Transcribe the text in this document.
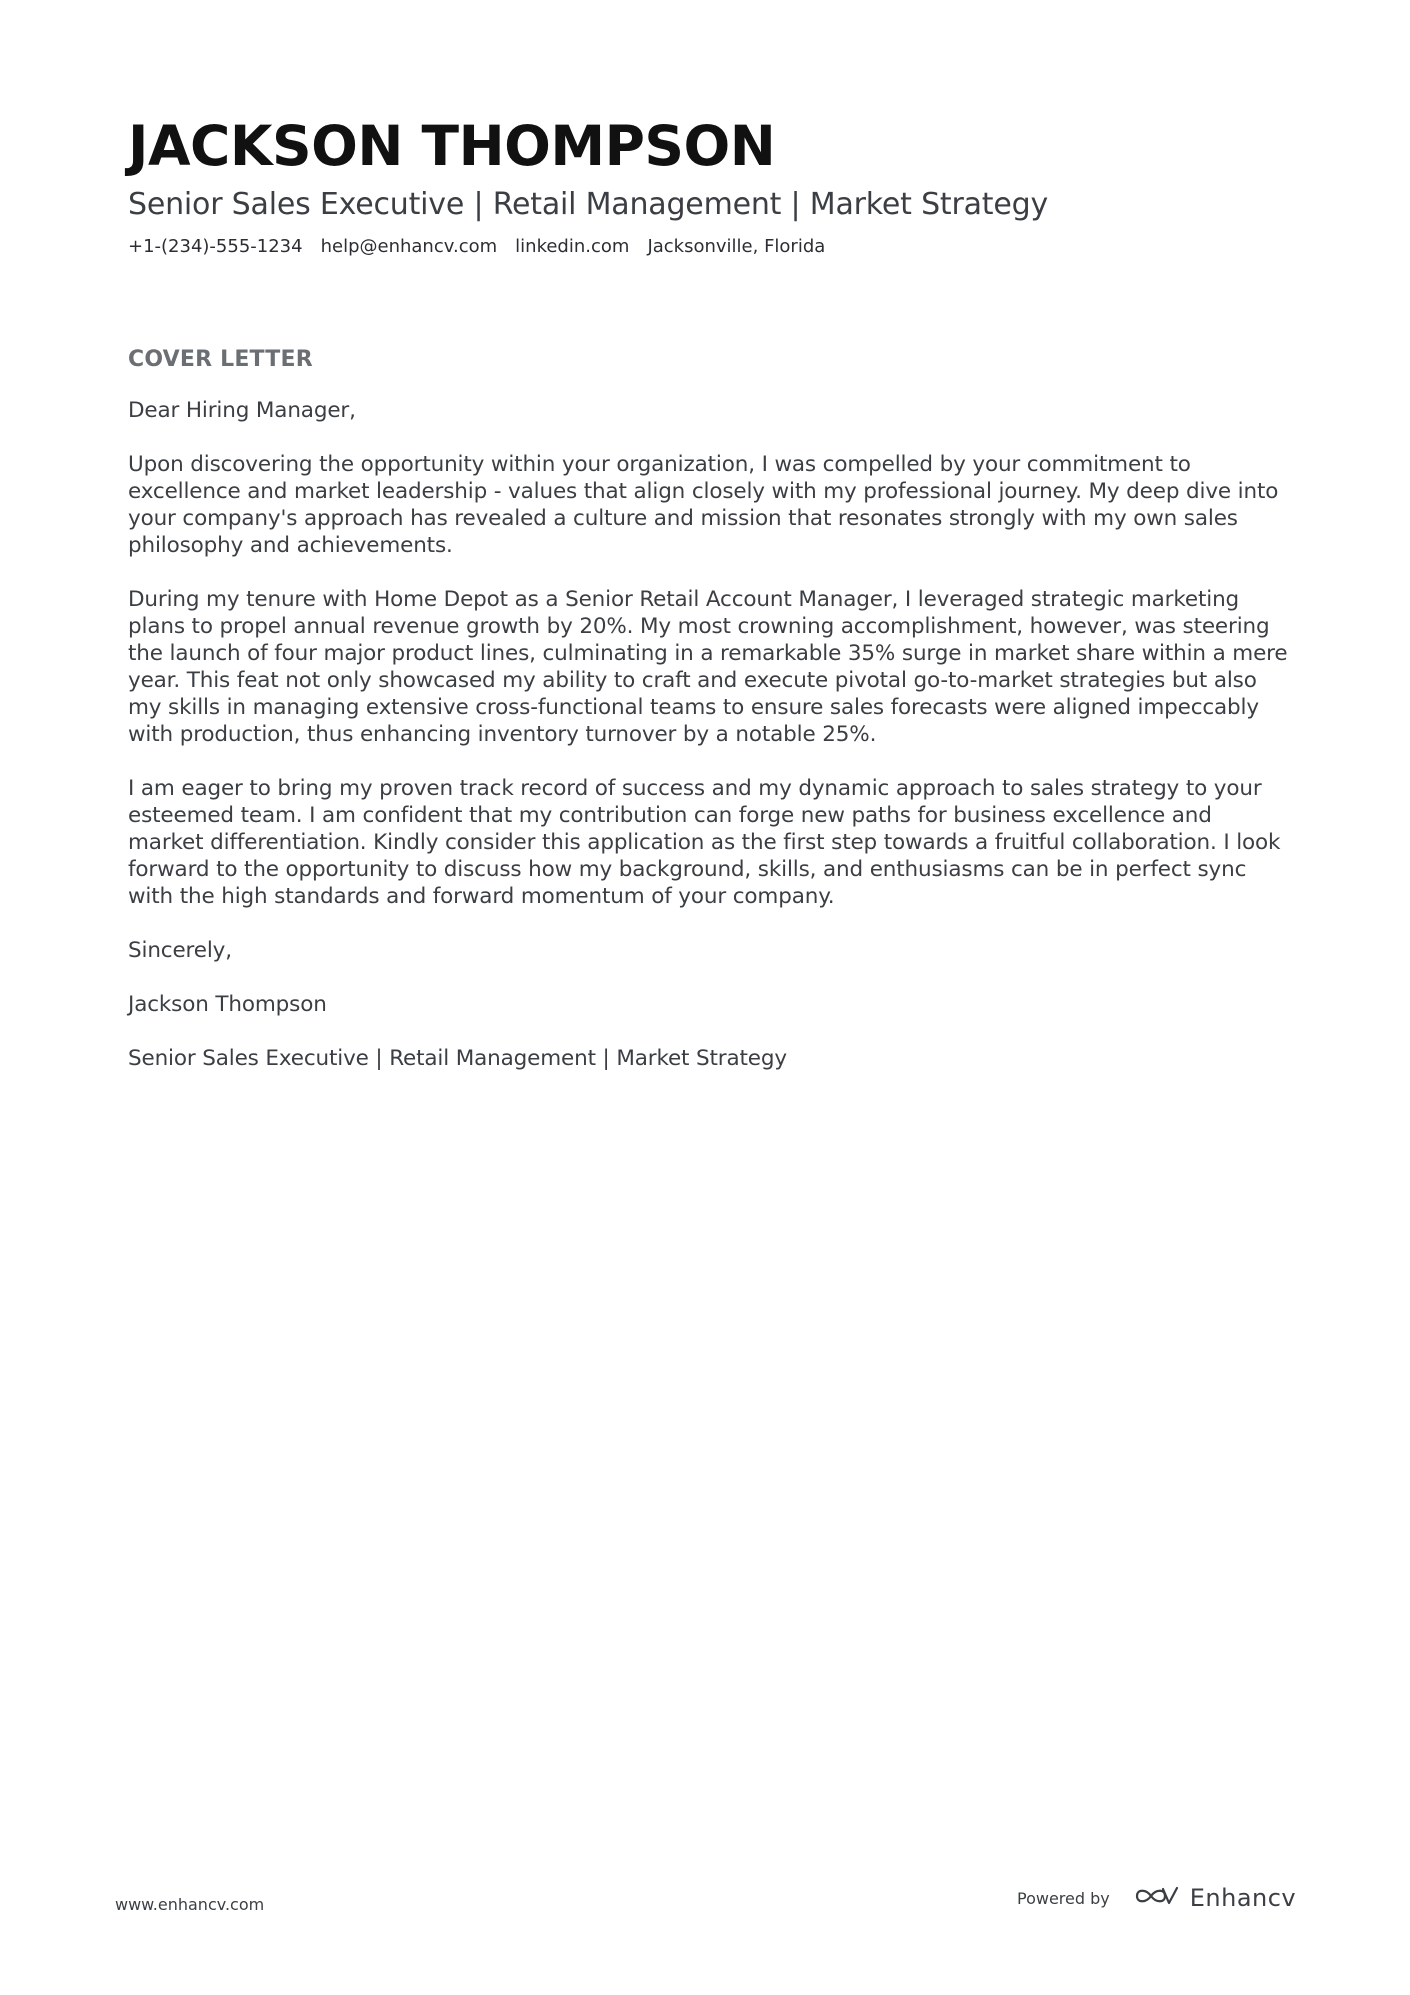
JACKSON THOMPSON
Senior Sales Executive | Retail Management | Market Strategy
+1-(234)-555-1234 help@enhancv.com linkedin.com Jacksonville, Florida
COVER LETTER

Dear Hiring Manager,

Upon discovering the opportunity within your organization, I was compelled by your commitment to excellence and market leadership - values that align closely with my professional journey. My deep dive into your company's approach has revealed a culture and mission that resonates strongly with my own sales philosophy and achievements.

During my tenure with Home Depot as a Senior Retail Account Manager, I leveraged strategic marketing plans to propel annual revenue growth by 20%. My most crowning accomplishment, however, was steering the launch of four major product lines, culminating in a remarkable 35% surge in market share within a mere year. This feat not only showcased my ability to craft and execute pivotal go-to-market strategies but also my skills in managing extensive cross-functional teams to ensure sales forecasts were aligned impeccably with production, thus enhancing inventory turnover by a notable 25%.

I am eager to bring my proven track record of success and my dynamic approach to sales strategy to your esteemed team. I am confident that my contribution can forge new paths for business excellence and market differentiation. Kindly consider this application as the first step towards a fruitful collaboration. I look forward to the opportunity to discuss how my background, skills, and enthusiasms can be in perfect sync with the high standards and forward momentum of your company.

Sincerely,

Jackson Thompson

Senior Sales Executive | Retail Management | Market Strategy

www.enhancv.com	Powered by	Enhancv
